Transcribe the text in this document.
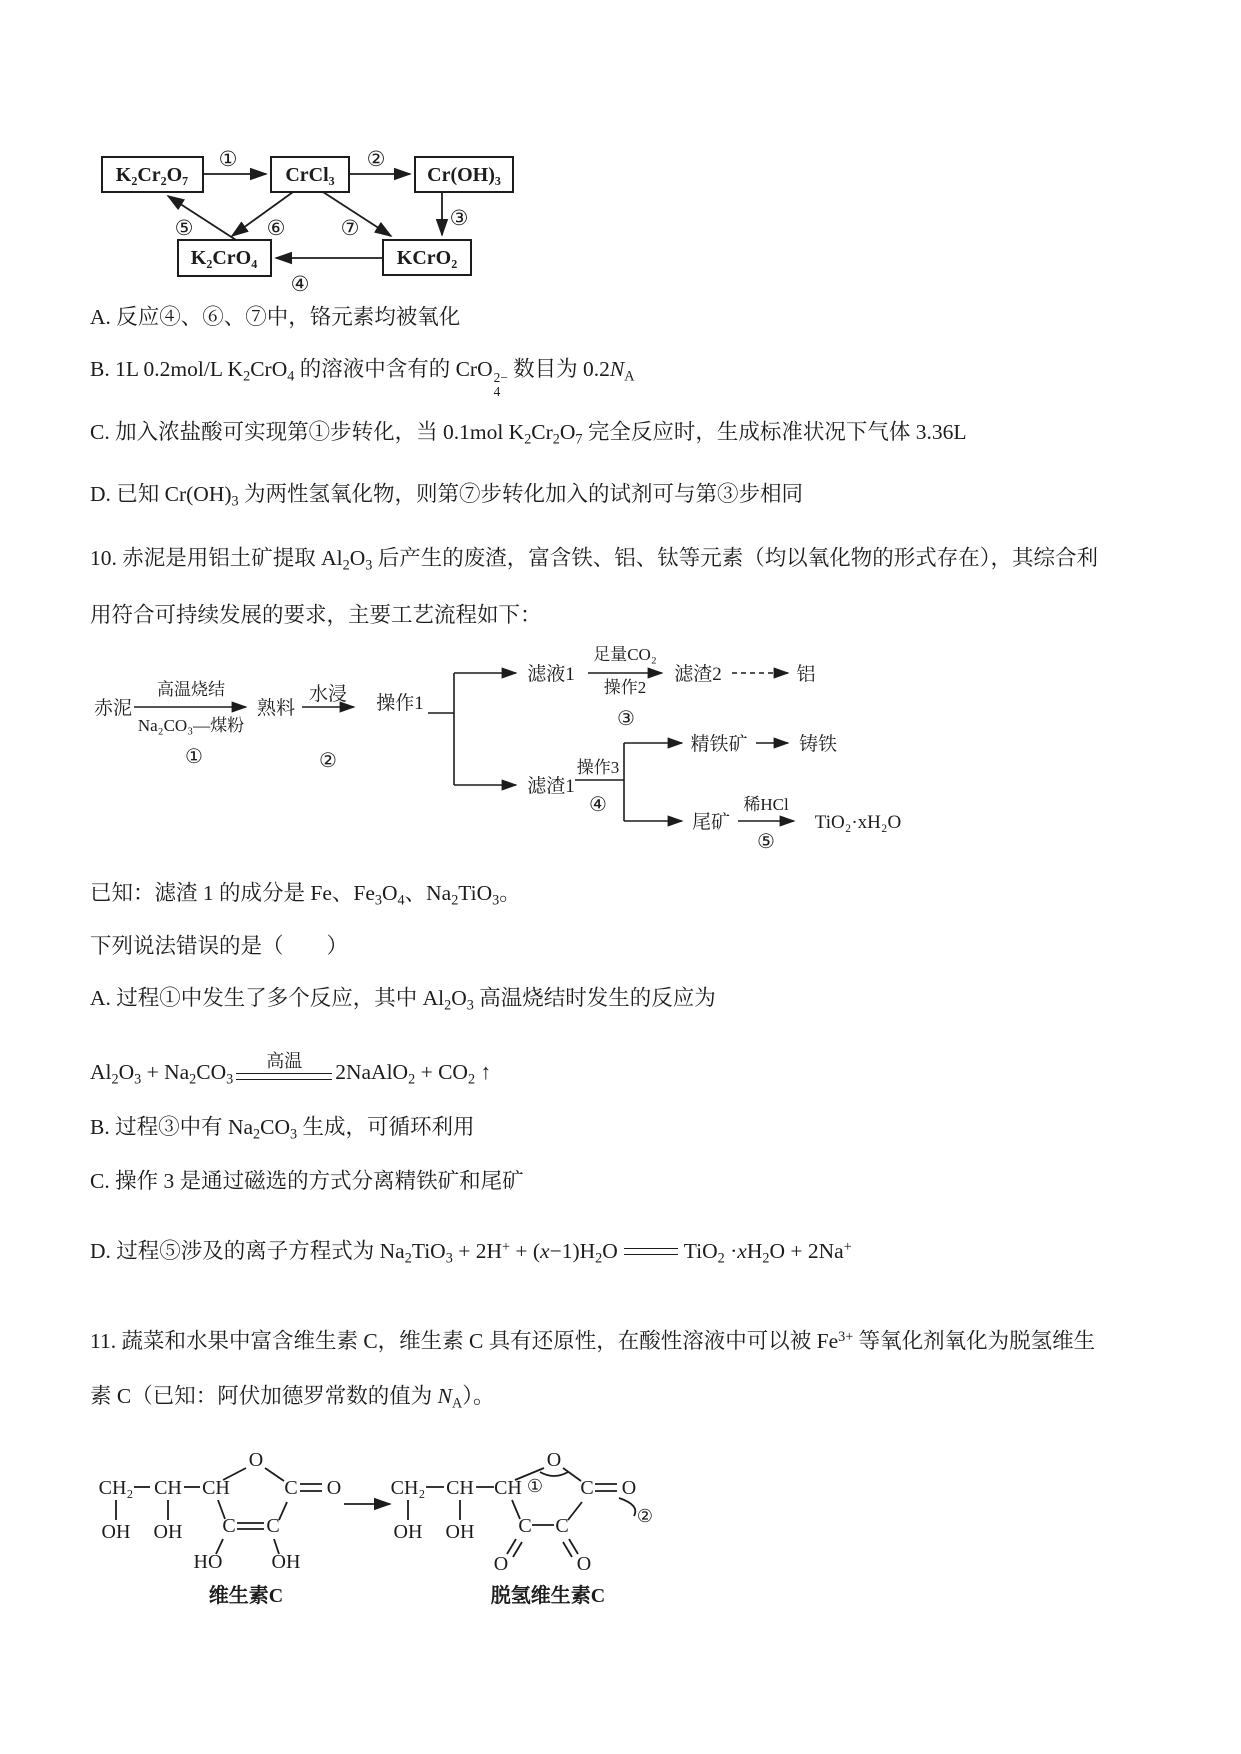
K₂Cr₂O₇	CrCl₃	Cr(OH)₃
K₂CrO₄	KCrO₂
①	②
③
④
⑤	⑥	⑦
A. 反应④、⑥、⑦中，铬元素均被氧化
B. 1L 0.2mol/L $K_2CrO_4$ 的溶液中含有的 CrO 2−
4
数目为 $0.2N_A$
C. 加入浓盐酸可实现第①步转化，当 0.1mol $K_2Cr_2O_7$ 完全反应时，生成标准状况下气体 3.36L
D. 已知 $Cr(OH)_3$ 为两性氢氧化物，则第⑦步转化加入的试剂可与第③步相同
10. 赤泥是用铝土矿提取 $Al_2O_3$ 后产生的废渣，富含铁、铝、钛等元素（均以氧化物的形式存在），其综合利
用符合可持续发展的要求，主要工艺流程如下：
赤泥
高温烧结
Na₂CO₃—煤粉
①
熟料
水浸
②
操作1
滤液1
足量CO₂
操作2
③
滤渣2	铝
滤渣1
操作3
④
精铁矿	铸铁
尾矿
稀HCl
⑤
TiO₂·xH₂O
已知：滤渣 1 的成分是 Fe、$Fe_3O_4$、$Na_2TiO_3$。
下列说法错误的是（　　）
A. 过程①中发生了多个反应，其中 $Al_2O_3$ 高温烧结时发生的反应为
$Al_2O_3 + Na_2CO_3$
高温 2NaAlO$_2$ + $CO_2$ ↑
B. 过程③中有 $Na_2CO_3$ 生成，可循环利用
C. 操作 3 是通过磁选的方式分离精铁矿和尾矿
D. 过程⑤涉及的离子方程式为 $Na_2TiO_3 + 2H^+ + (x-1)H_2O$	$TiO_2 \cdot xH_2O + 2Na^+$
11. 蔬菜和水果中富含维生素 C，维生素 C 具有还原性，在酸性溶液中可以被 $Fe^{3+}$ 等氧化剂氧化为脱氢维生
素 C（已知：阿伏加德罗常数的值为 $N_A$）。
CH₂ CH CH
OH OH
O
C O
C C
HO OH
维生素C
CH₂ CH CH
OH OH
①
O
C O
②
C C
O	O
脱氢维生素C
